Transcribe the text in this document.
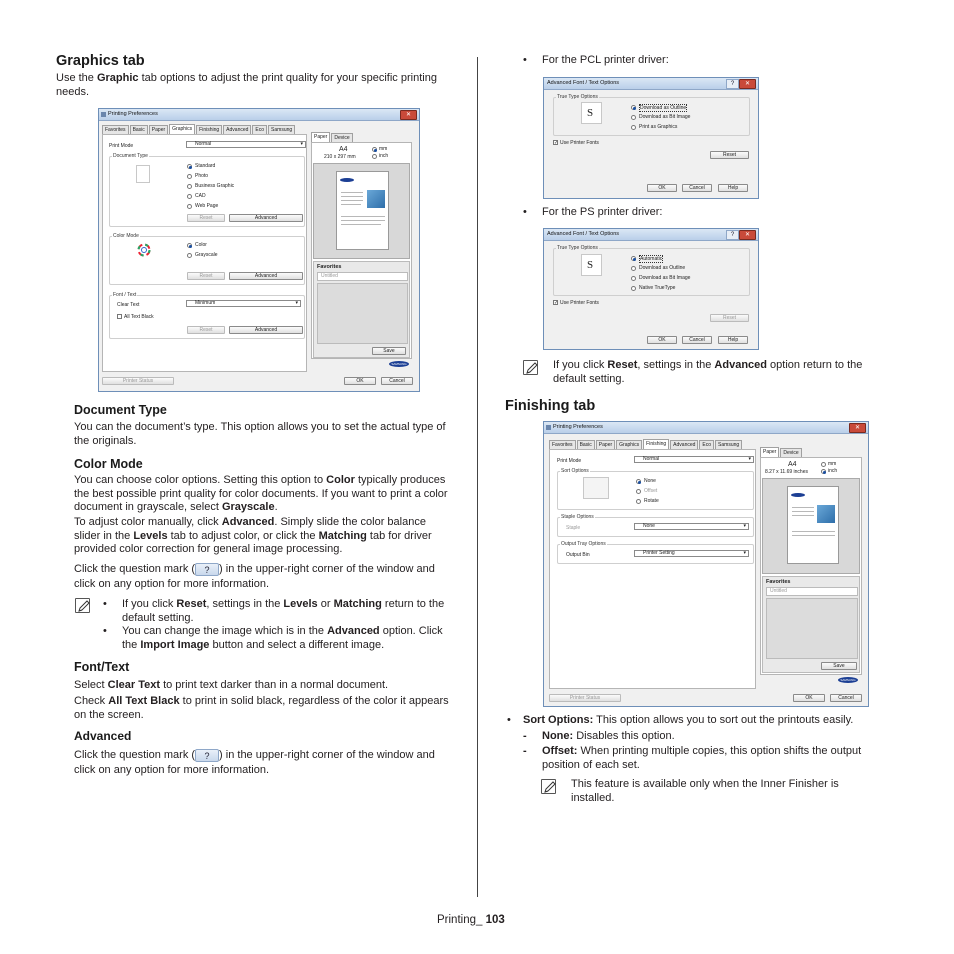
Graphics tab
Use the Graphic tab options to adjust the print quality for your specific printing needs.
Printing Preferences	✕
Favorites	Basic	Paper	Graphics	Finishing	Advanced	Eco	Samsung
Print Mode	Normal ▾
Document Type
Standard
Photo
Business Graphic
CAD
Web Page
Reset	Advanced
Color Mode
Color
Grayscale
Reset	Advanced
Font / Text
Clear Text	Minimum ▾
All Text Black
Reset	Advanced
Paper	Device
A4
210 x 297 mm
mm
inch
Favorites
Untitled
Save
SAMSUNG
Printer Status	OK	Cancel
Document Type
You can the document’s type. This option allows you to set the actual type of the originals.
Color Mode
You can choose color options. Setting this option to Color typically produces the best possible print quality for color documents. If you want to print a color document in grayscale, select Grayscale.
To adjust color manually, click Advanced. Simply slide the color balance slider in the Levels tab to adjust color, or click the Matching tab for driver provided color correction for general image processing.
Click the question mark ( ? ) in the upper-right corner of the window and click on any option for more information.
• If you click Reset, settings in the Levels or Matching return to the default setting.
• You can change the image which is in the Advanced option. Click the Import Image button and select a different image.
Font/Text
Select Clear Text to print text darker than in a normal document.
Check All Text Black to print in solid black, regardless of the color it appears on the screen.
Advanced
Click the question mark ( ? ) in the upper-right corner of the window and click on any option for more information.
• For the PCL printer driver:
Advanced Font / Text Options	?	✕
True Type Options
S	Download as Outline
Download as Bit Image
Print as Graphics
✓ Use Printer Fonts
Reset
OK	Cancel	Help
• For the PS printer driver:
Advanced Font / Text Options	?	✕
True Type Options
S	Automatic
Download as Outline
Download as Bit Image
Native TrueType
✓ Use Printer Fonts
Reset
OK	Cancel	Help
If you click Reset, settings in the Advanced option return to the default setting.
Finishing tab
Printing Preferences	✕
Favorites	Basic	Paper	Graphics	Finishing	Advanced	Eco	Samsung
Print Mode	Normal ▾
Sort Options
None
Offset
Rotate
Staple Options
Staple	None ▾
Output Tray Options
Output Bin	Printer Setting ▾
Paper	Device
A4
8.27 x 11.69 inches
mm
inch
Favorites
Untitled
Save
SAMSUNG
Printer Status	OK	Cancel
• Sort Options: This option allows you to sort out the printouts easily.
- None: Disables this option.
- Offset: When printing multiple copies, this option shifts the output position of each set.
This feature is available only when the Inner Finisher is installed.
Printing_ 103
